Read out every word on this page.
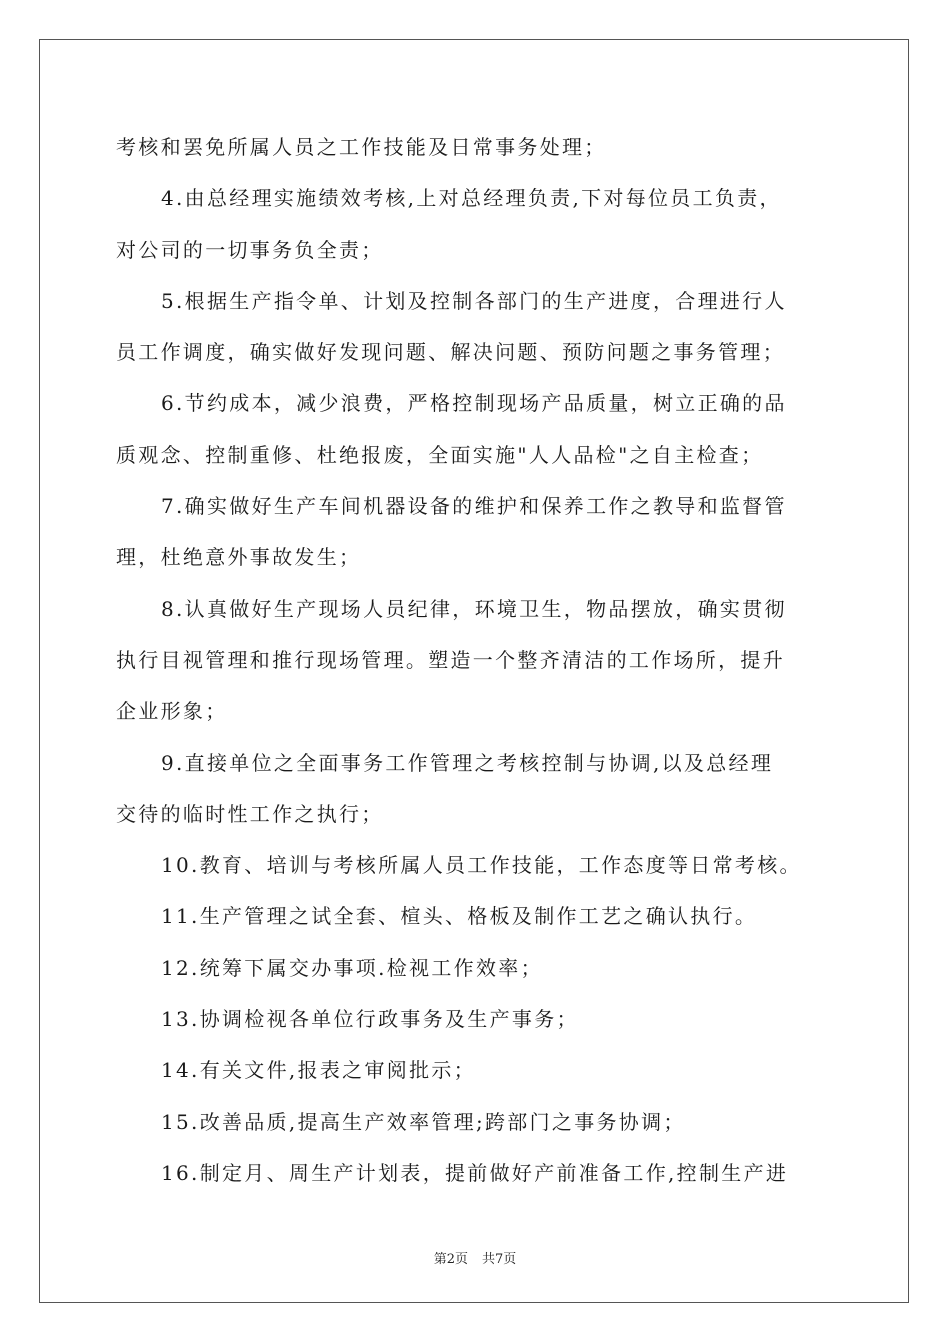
考核和罢免所属人员之工作技能及日常事务处理；
4.由总经理实施绩效考核,上对总经理负责,下对每位员工负责，
对公司的一切事务负全责；
5.根据生产指令单、计划及控制各部门的生产进度，合理进行人
员工作调度，确实做好发现问题、解决问题、预防问题之事务管理；
6.节约成本，减少浪费，严格控制现场产品质量，树立正确的品
质观念、控制重修、杜绝报废，全面实施"人人品检"之自主检查；
7.确实做好生产车间机器设备的维护和保养工作之教导和监督管
理，杜绝意外事故发生；
8.认真做好生产现场人员纪律，环境卫生，物品摆放，确实贯彻
执行目视管理和推行现场管理。塑造一个整齐清洁的工作场所，提升
企业形象；
9.直接单位之全面事务工作管理之考核控制与协调,以及总经理
交待的临时性工作之执行；
10.教育、培训与考核所属人员工作技能，工作态度等日常考核。
11.生产管理之试全套、楦头、格板及制作工艺之确认执行。
12.统筹下属交办事项.检视工作效率；
13.协调检视各单位行政事务及生产事务；
14.有关文件,报表之审阅批示；
15.改善品质,提高生产效率管理;跨部门之事务协调；
16.制定月、周生产计划表，提前做好产前准备工作,控制生产进
第2页 共7页
